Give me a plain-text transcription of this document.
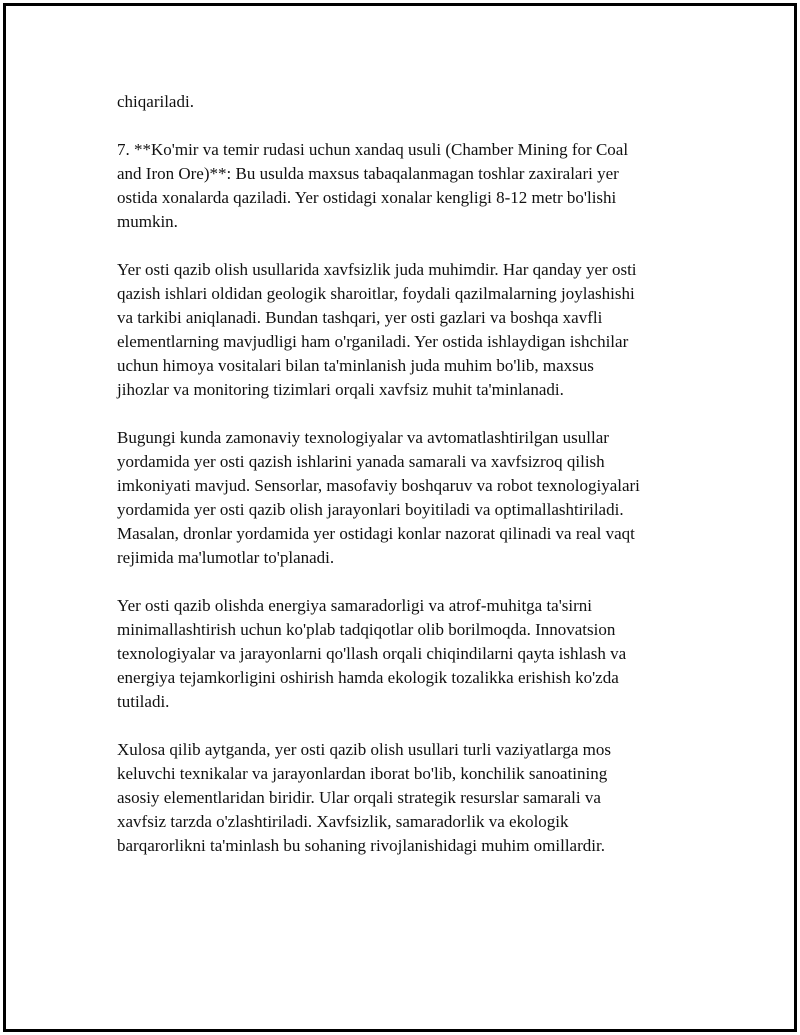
chiqariladi.

7. **Ko'mir va temir rudasi uchun xandaq usuli (Chamber Mining for Coal
and Iron Ore)**: Bu usulda maxsus tabaqalanmagan toshlar zaxiralari yer
ostida xonalarda qaziladi. Yer ostidagi xonalar kengligi 8-12 metr bo'lishi
mumkin.

Yer osti qazib olish usullarida xavfsizlik juda muhimdir. Har qanday yer osti
qazish ishlari oldidan geologik sharoitlar, foydali qazilmalarning joylashishi
va tarkibi aniqlanadi. Bundan tashqari, yer osti gazlari va boshqa xavfli
elementlarning mavjudligi ham o'rganiladi. Yer ostida ishlaydigan ishchilar
uchun himoya vositalari bilan ta'minlanish juda muhim bo'lib, maxsus
jihozlar va monitoring tizimlari orqali xavfsiz muhit ta'minlanadi.

Bugungi kunda zamonaviy texnologiyalar va avtomatlashtirilgan usullar
yordamida yer osti qazish ishlarini yanada samarali va xavfsizroq qilish
imkoniyati mavjud. Sensorlar, masofaviy boshqaruv va robot texnologiyalari
yordamida yer osti qazib olish jarayonlari boyitiladi va optimallashtiriladi.
Masalan, dronlar yordamida yer ostidagi konlar nazorat qilinadi va real vaqt
rejimida ma'lumotlar to'planadi.

Yer osti qazib olishda energiya samaradorligi va atrof-muhitga ta'sirni
minimallashtirish uchun ko'plab tadqiqotlar olib borilmoqda. Innovatsion
texnologiyalar va jarayonlarni qo'llash orqali chiqindilarni qayta ishlash va
energiya tejamkorligini oshirish hamda ekologik tozalikka erishish ko'zda
tutiladi.

Xulosa qilib aytganda, yer osti qazib olish usullari turli vaziyatlarga mos
keluvchi texnikalar va jarayonlardan iborat bo'lib, konchilik sanoatining
asosiy elementlaridan biridir. Ular orqali strategik resurslar samarali va
xavfsiz tarzda o'zlashtiriladi. Xavfsizlik, samaradorlik va ekologik
barqarorlikni ta'minlash bu sohaning rivojlanishidagi muhim omillardir.
